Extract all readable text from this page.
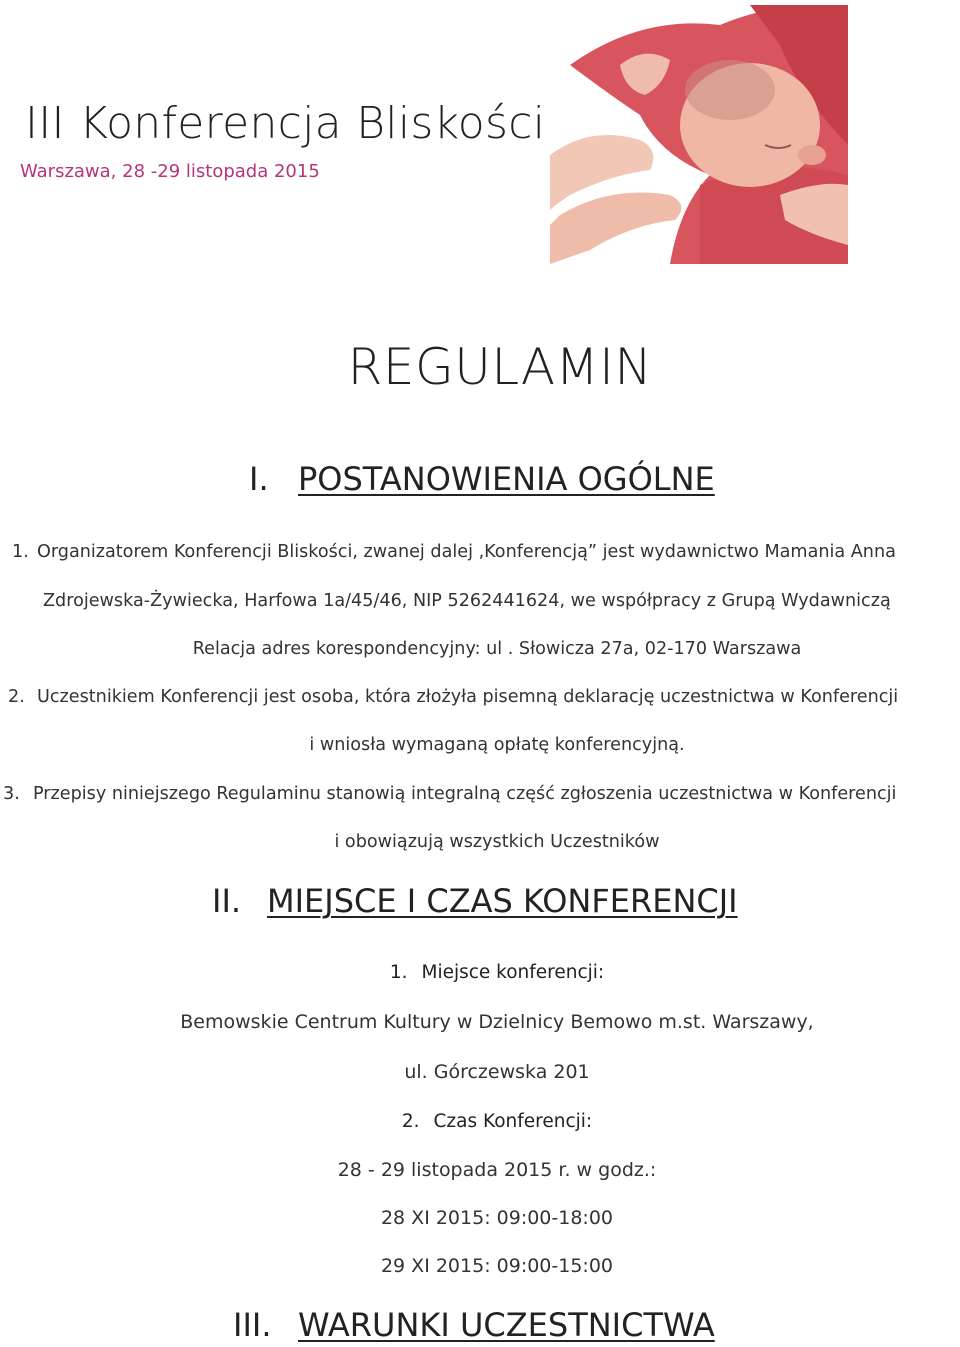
III Konferencja Bliskości
Warszawa, 28 -29 listopada 2015
REGULAMIN
I. POSTANOWIENIA OGÓLNE
1. Organizatorem Konferencji Bliskości, zwanej dalej ‚Konferencją” jest wydawnictwo Mamania Anna
Zdrojewska-Żywiecka, Harfowa 1a/45/46, NIP 5262441624, we współpracy z Grupą Wydawniczą
Relacja adres korespondencyjny: ul . Słowicza 27a, 02-170 Warszawa
2. Uczestnikiem Konferencji jest osoba, która złożyła pisemną deklarację uczestnictwa w Konferencji
i wniosła wymaganą opłatę konferencyjną.
3. Przepisy niniejszego Regulaminu stanowią integralną część zgłoszenia uczestnictwa w Konferencji
i obowiązują wszystkich Uczestników
II. MIEJSCE I CZAS KONFERENCJI
1. Miejsce konferencji:
Bemowskie Centrum Kultury w Dzielnicy Bemowo m.st. Warszawy,
ul. Górczewska 201
2. Czas Konferencji:
28 - 29 listopada 2015 r. w godz.:
28 XI 2015: 09:00-18:00
29 XI 2015: 09:00-15:00
III. WARUNKI UCZESTNICTWA
